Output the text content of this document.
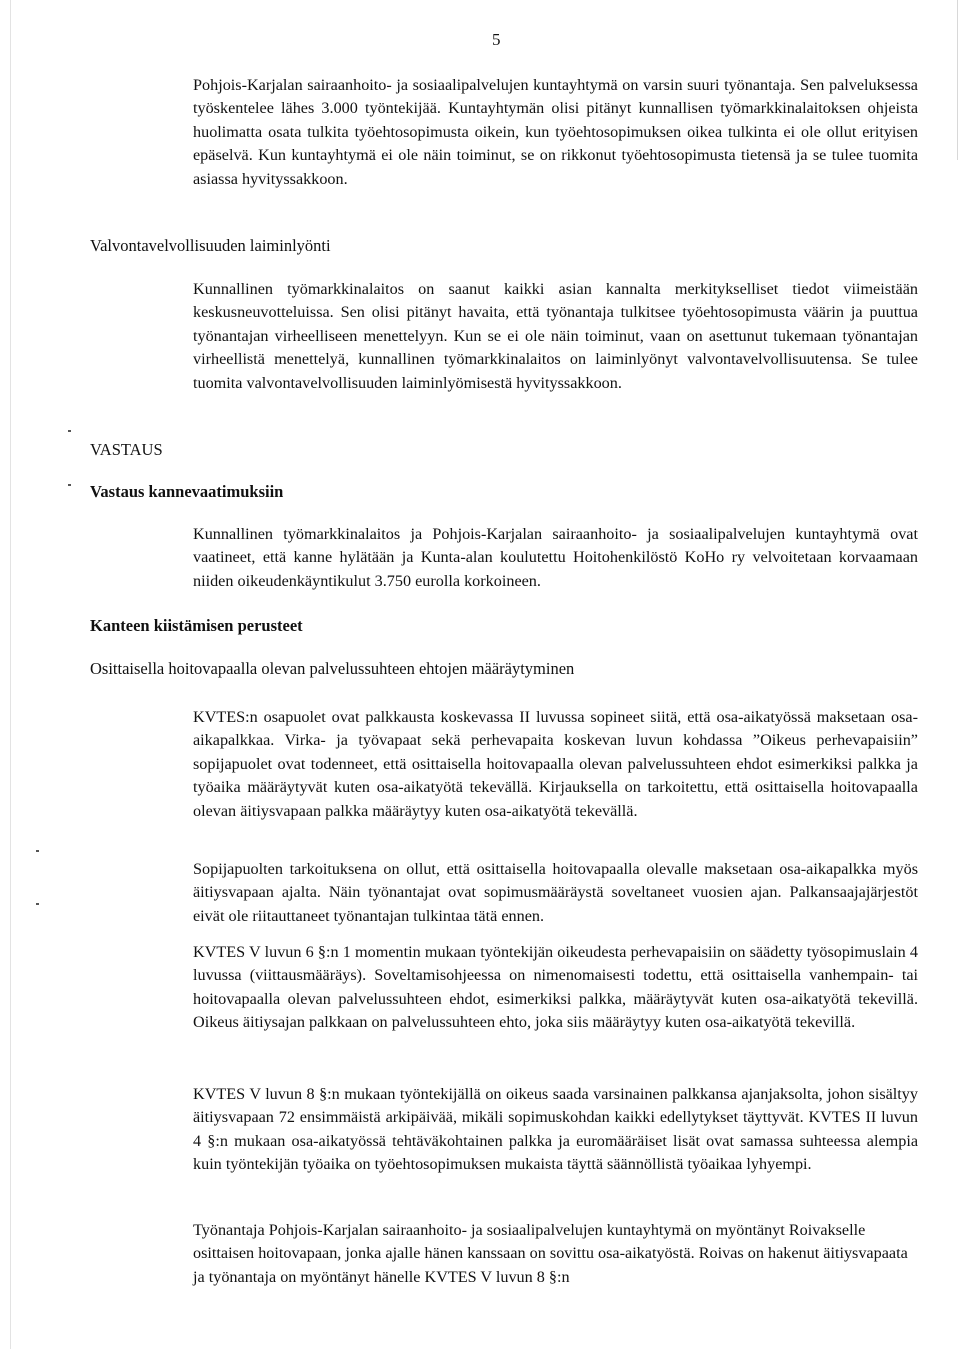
5

Pohjois-Karjalan sairaanhoito- ja sosiaalipalvelujen kuntayhtymä on varsin suuri työnantaja. Sen palveluksessa työskentelee lähes 3.000 työntekijää. Kuntayhtymän olisi pitänyt kunnallisen työmarkkinalaitoksen ohjeista huolimatta osata tulkita työehtosopimusta oikein, kun työehtosopimuksen oikea tulkinta ei ole ollut erityisen epäselvä. Kun kuntayhtymä ei ole näin toiminut, se on rikkonut työehtosopimusta tietensä ja se tulee tuomita asiassa hyvityssakkoon.

Valvontavelvollisuuden laiminlyönti

Kunnallinen työmarkkinalaitos on saanut kaikki asian kannalta merkitykselliset tiedot viimeistään keskusneuvotteluissa. Sen olisi pitänyt havaita, että työnantaja tulkitsee työehtosopimusta väärin ja puuttua työnantajan virheelliseen menettelyyn. Kun se ei ole näin toiminut, vaan on asettunut tukemaan työnantajan virheellistä menettelyä, kunnallinen työmarkkinalaitos on laiminlyönyt valvontavelvollisuutensa. Se tulee tuomita valvontavelvollisuuden laiminlyömisestä hyvityssakkoon.

VASTAUS
Vastaus kannevaatimuksiin

Kunnallinen työmarkkinalaitos ja Pohjois-Karjalan sairaanhoito- ja sosiaalipalvelujen kuntayhtymä ovat vaatineet, että kanne hylätään ja Kunta-alan koulutettu Hoitohenkilöstö KoHo ry velvoitetaan korvaamaan niiden oikeudenkäyntikulut 3.750 eurolla korkoineen.

Kanteen kiistämisen perusteet
Osittaisella hoitovapaalla olevan palvelussuhteen ehtojen määräytyminen

KVTES:n osapuolet ovat palkkausta koskevassa II luvussa sopineet siitä, että osa-aikatyössä maksetaan osa-aikapalkkaa. Virka- ja työvapaat sekä perhevapaita koskevan luvun kohdassa ”Oikeus perhevapaisiin” sopijapuolet ovat todenneet, että osittaisella hoitovapaalla olevan palvelussuhteen ehdot esimerkiksi palkka ja työaika määräytyvät kuten osa-aikatyötä tekevällä. Kirjauksella on tarkoitettu, että osittaisella hoitovapaalla olevan äitiysvapaan palkka määräytyy kuten osa-aikatyötä tekevällä.

Sopijapuolten tarkoituksena on ollut, että osittaisella hoitovapaalla olevalle maksetaan osa-aikapalkka myös äitiysvapaan ajalta. Näin työnantajat ovat sopimusmääräystä soveltaneet vuosien ajan. Palkansaajajärjestöt eivät ole riitauttaneet työnantajan tulkintaa tätä ennen.

KVTES V luvun 6 §:n 1 momentin mukaan työntekijän oikeudesta perhevapaisiin on säädetty työsopimuslain 4 luvussa (viittausmääräys). Soveltamisohjeessa on nimenomaisesti todettu, että osittaisella vanhempain- tai hoitovapaalla olevan palvelussuhteen ehdot, esimerkiksi palkka, määräytyvät kuten osa-aikatyötä tekevillä. Oikeus äitiysajan palkkaan on palvelussuhteen ehto, joka siis määräytyy kuten osa-aikatyötä tekevillä.

KVTES V luvun 8 §:n mukaan työntekijällä on oikeus saada varsinainen palkkansa ajanjaksolta, johon sisältyy äitiysvapaan 72 ensimmäistä arkipäivää, mikäli sopimuskohdan kaikki edellytykset täyttyvät. KVTES II luvun 4 §:n mukaan osa-aikatyössä tehtäväkohtainen palkka ja euromääräiset lisät ovat samassa suhteessa alempia kuin työntekijän työaika on työehtosopimuksen mukaista täyttä säännöllistä työaikaa lyhyempi.

Työnantaja Pohjois-Karjalan sairaanhoito- ja sosiaalipalvelujen kuntayhtymä on myöntänyt Roivakselle osittaisen hoitovapaan, jonka ajalle hänen kanssaan on sovittu osa-aikatyöstä. Roivas on hakenut äitiysvapaata ja työnantaja on myöntänyt hänelle KVTES V luvun 8 §:n
